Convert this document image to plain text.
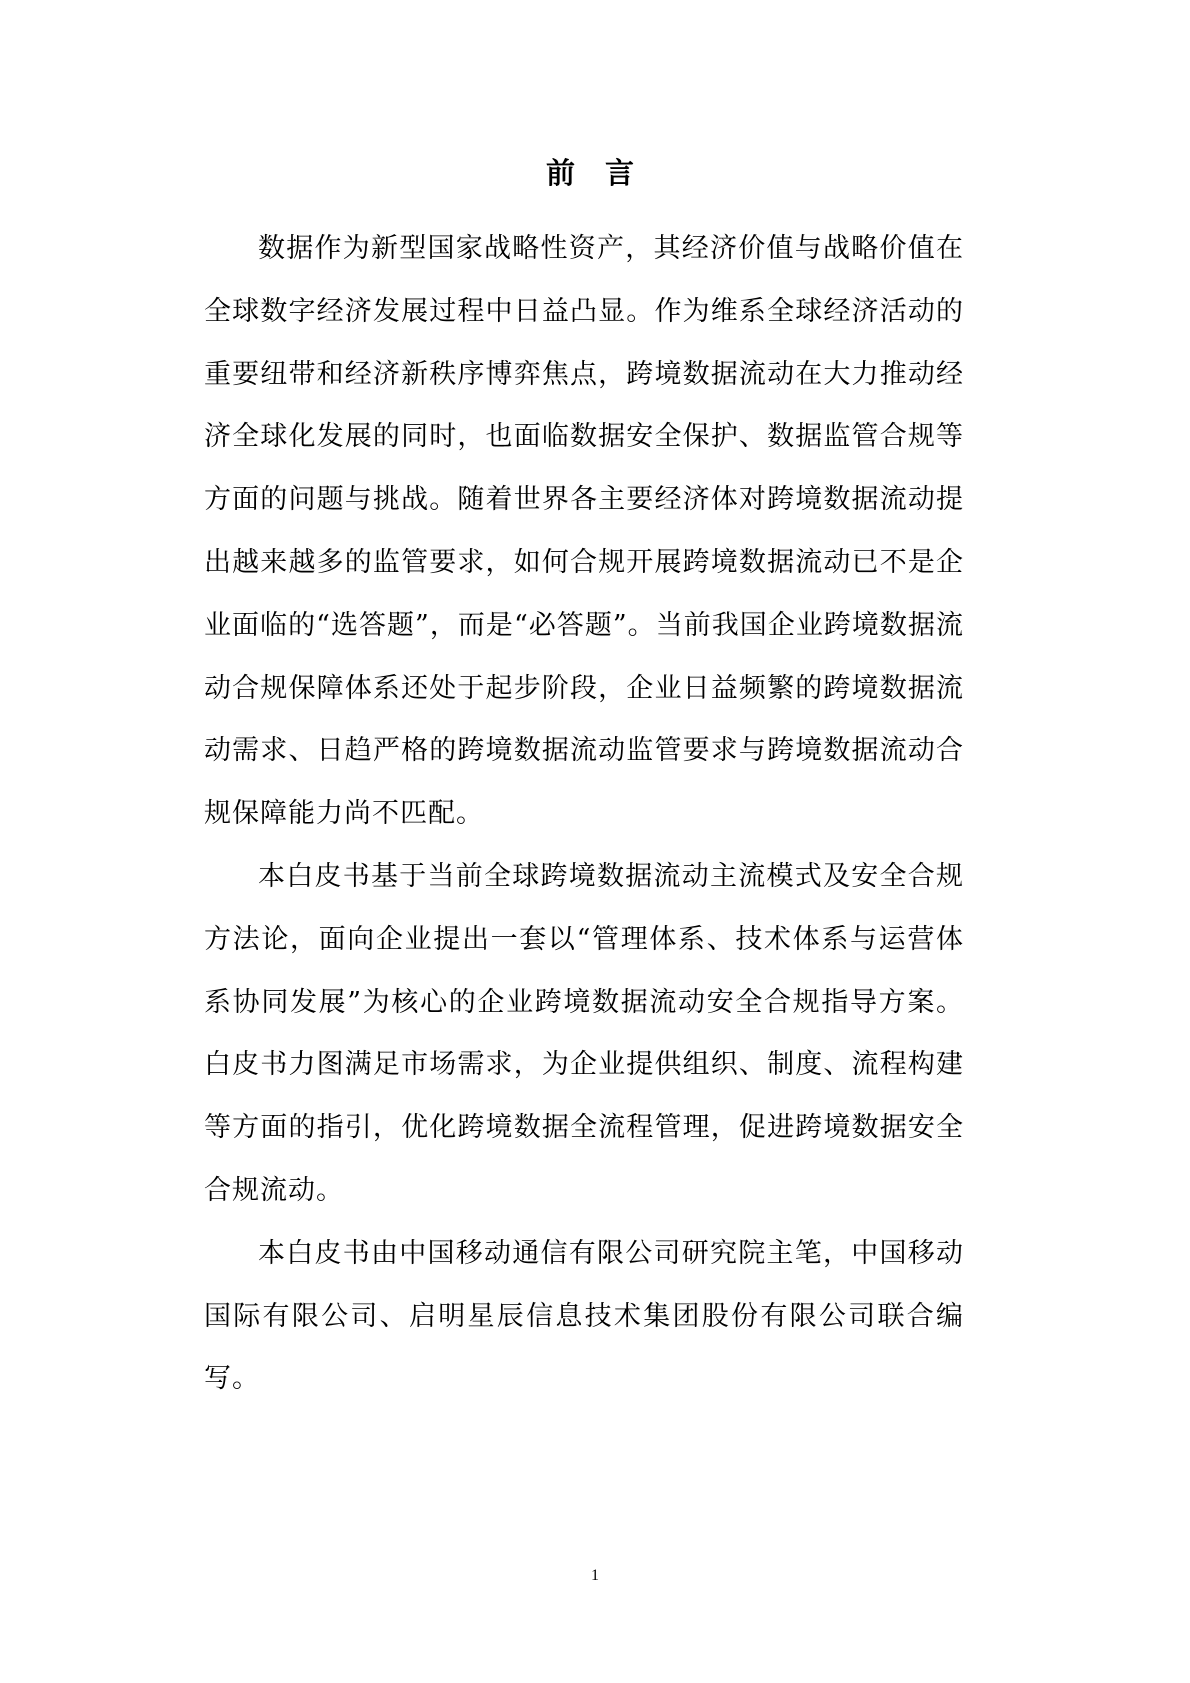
前 言

数据作为新型国家战略性资产，其经济价值与战略价值在全球数字经济发展过程中日益凸显。作为维系全球经济活动的重要纽带和经济新秩序博弈焦点，跨境数据流动在大力推动经济全球化发展的同时，也面临数据安全保护、数据监管合规等方面的问题与挑战。随着世界各主要经济体对跨境数据流动提出越来越多的监管要求，如何合规开展跨境数据流动已不是企业面临的“选答题”，而是“必答题”。当前我国企业跨境数据流动合规保障体系还处于起步阶段，企业日益频繁的跨境数据流动需求、日趋严格的跨境数据流动监管要求与跨境数据流动合规保障能力尚不匹配。

本白皮书基于当前全球跨境数据流动主流模式及安全合规方法论，面向企业提出一套以“管理体系、技术体系与运营体系协同发展”为核心的企业跨境数据流动安全合规指导方案。白皮书力图满足市场需求，为企业提供组织、制度、流程构建等方面的指引，优化跨境数据全流程管理，促进跨境数据安全合规流动。

本白皮书由中国移动通信有限公司研究院主笔，中国移动国际有限公司、启明星辰信息技术集团股份有限公司联合编写。

1
